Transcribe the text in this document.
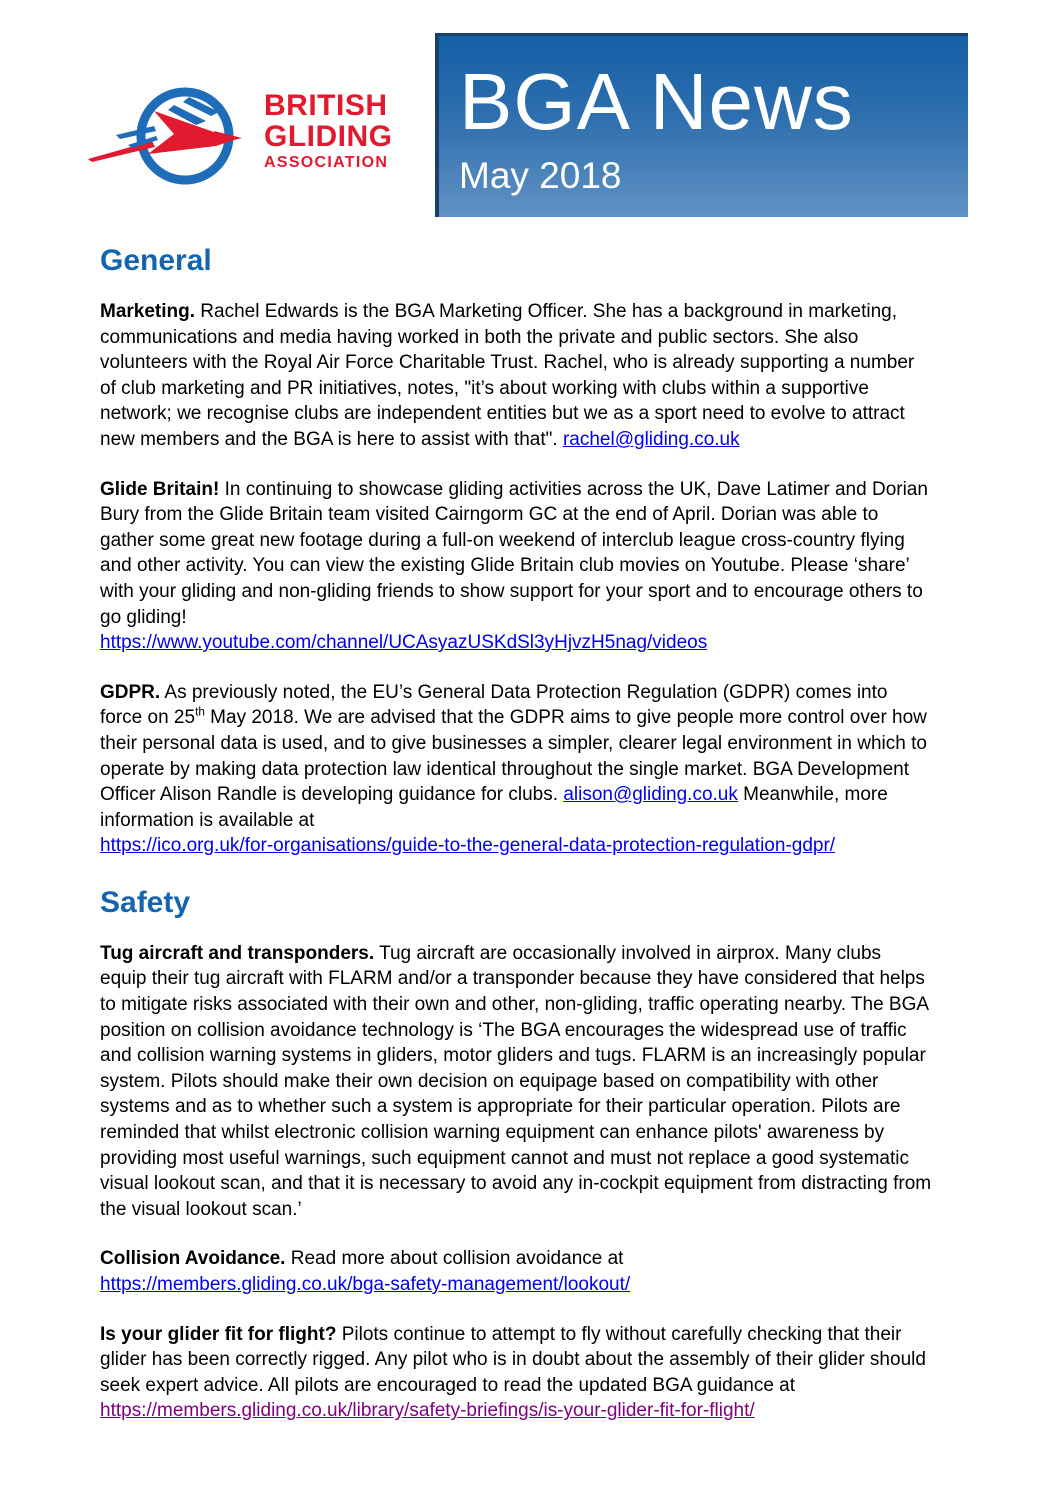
BRITISH
GLIDING
ASSOCIATION
BGA News
May 2018
General

Marketing. Rachel Edwards is the BGA Marketing Officer. She has a background in marketing, communications and media having worked in both the private and public sectors. She also volunteers with the Royal Air Force Charitable Trust. Rachel, who is already supporting a number of club marketing and PR initiatives, notes, "it’s about working with clubs within a supportive network; we recognise clubs are independent entities but we as a sport need to evolve to attract new members and the BGA is here to assist with that". rachel@gliding.co.uk

Glide Britain! In continuing to showcase gliding activities across the UK, Dave Latimer and Dorian Bury from the Glide Britain team visited Cairngorm GC at the end of April. Dorian was able to gather some great new footage during a full-on weekend of interclub league cross-country flying and other activity. You can view the existing Glide Britain club movies on Youtube. Please ‘share’ with your gliding and non-gliding friends to show support for your sport and to encourage others to go gliding!
https://www.youtube.com/channel/UCAsyazUSKdSl3yHjvzH5nag/videos

GDPR. As previously noted, the EU’s General Data Protection Regulation (GDPR) comes into force on 25th May 2018. We are advised that the GDPR aims to give people more control over how their personal data is used, and to give businesses a simpler, clearer legal environment in which to operate by making data protection law identical throughout the single market. BGA Development Officer Alison Randle is developing guidance for clubs. alison@gliding.co.uk Meanwhile, more information is available at
https://ico.org.uk/for-organisations/guide-to-the-general-data-protection-regulation-gdpr/

Safety

Tug aircraft and transponders. Tug aircraft are occasionally involved in airprox. Many clubs equip their tug aircraft with FLARM and/or a transponder because they have considered that helps to mitigate risks associated with their own and other, non-gliding, traffic operating nearby. The BGA position on collision avoidance technology is ‘The BGA encourages the widespread use of traffic and collision warning systems in gliders, motor gliders and tugs. FLARM is an increasingly popular system. Pilots should make their own decision on equipage based on compatibility with other systems and as to whether such a system is appropriate for their particular operation. Pilots are reminded that whilst electronic collision warning equipment can enhance pilots' awareness by providing most useful warnings, such equipment cannot and must not replace a good systematic visual lookout scan, and that it is necessary to avoid any in-cockpit equipment from distracting from the visual lookout scan.’

Collision Avoidance. Read more about collision avoidance at
https://members.gliding.co.uk/bga-safety-management/lookout/

Is your glider fit for flight? Pilots continue to attempt to fly without carefully checking that their glider has been correctly rigged. Any pilot who is in doubt about the assembly of their glider should seek expert advice. All pilots are encouraged to read the updated BGA guidance at
https://members.gliding.co.uk/library/safety-briefings/is-your-glider-fit-for-flight/
